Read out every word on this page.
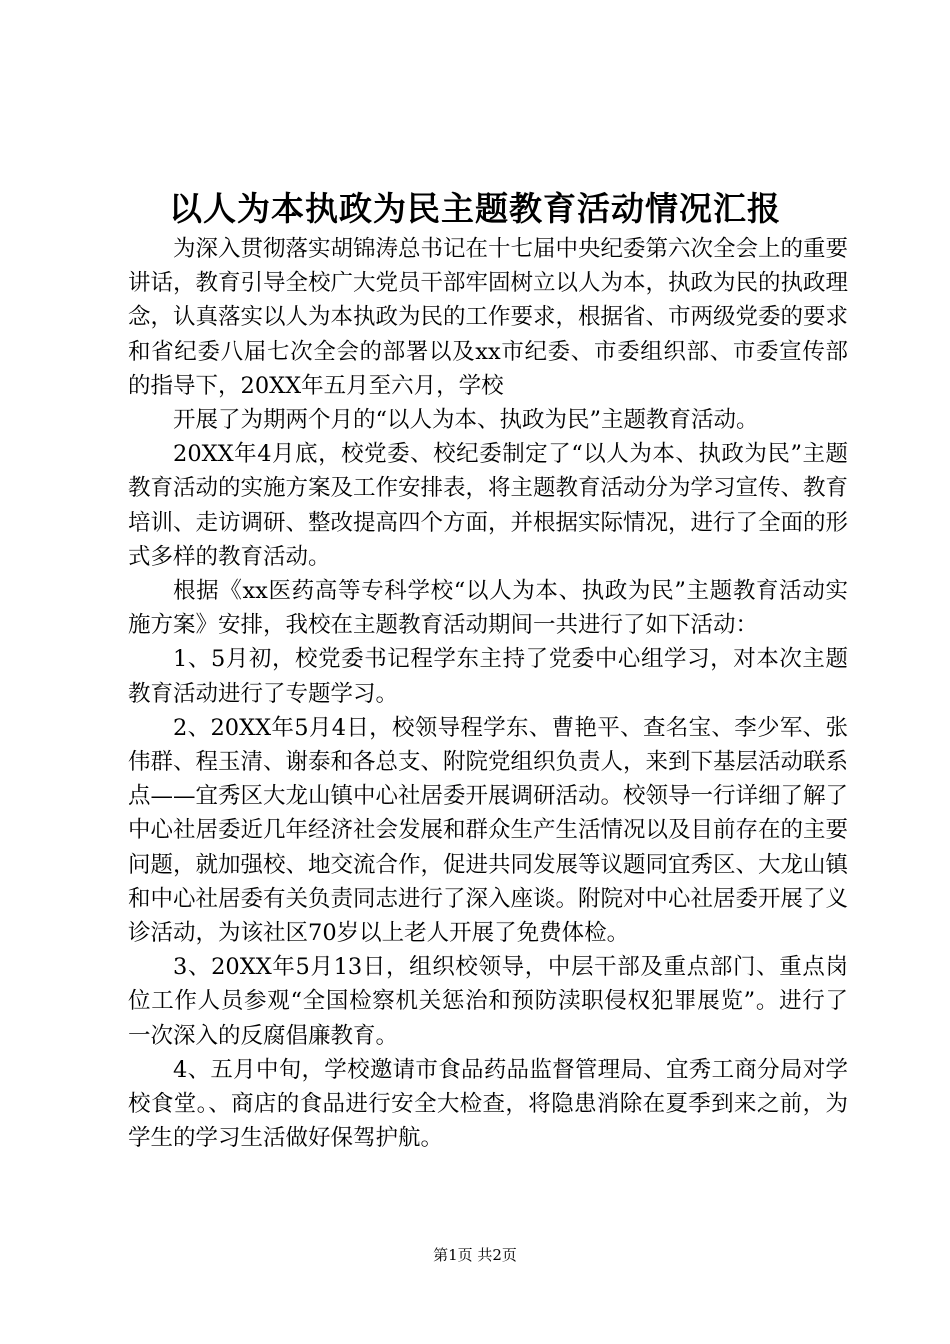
以人为本执政为民主题教育活动情况汇报

为深入贯彻落实胡锦涛总书记在十七届中央纪委第六次全会上的重要讲话，教育引导全校广大党员干部牢固树立以人为本，执政为民的执政理念，认真落实以人为本执政为民的工作要求，根据省、市两级党委的要求和省纪委八届七次全会的部署以及xx市纪委、市委组织部、市委宣传部的指导下，20XX年五月至六月，学校

开展了为期两个月的“以人为本、执政为民”主题教育活动。

20XX年4月底，校党委、校纪委制定了“以人为本、执政为民”主题教育活动的实施方案及工作安排表，将主题教育活动分为学习宣传、教育培训、走访调研、整改提高四个方面，并根据实际情况，进行了全面的形式多样的教育活动。

根据《xx医药高等专科学校“以人为本、执政为民”主题教育活动实施方案》安排，我校在主题教育活动期间一共进行了如下活动：

1、5月初，校党委书记程学东主持了党委中心组学习，对本次主题教育活动进行了专题学习。

2、20XX年5月4日，校领导程学东、曹艳平、查名宝、李少军、张伟群、程玉清、谢泰和各总支、附院党组织负责人，来到下基层活动联系点——宜秀区大龙山镇中心社居委开展调研活动。校领导一行详细了解了中心社居委近几年经济社会发展和群众生产生活情况以及目前存在的主要问题，就加强校、地交流合作，促进共同发展等议题同宜秀区、大龙山镇和中心社居委有关负责同志进行了深入座谈。附院对中心社居委开展了义诊活动，为该社区70岁以上老人开展了免费体检。

3、20XX年5月13日，组织校领导，中层干部及重点部门、重点岗位工作人员参观“全国检察机关惩治和预防渎职侵权犯罪展览”。进行了一次深入的反腐倡廉教育。

4、五月中旬，学校邀请市食品药品监督管理局、宜秀工商分局对学校食堂。、商店的食品进行安全大检查，将隐患消除在夏季到来之前，为学生的学习生活做好保驾护航。

第1页 共2页
